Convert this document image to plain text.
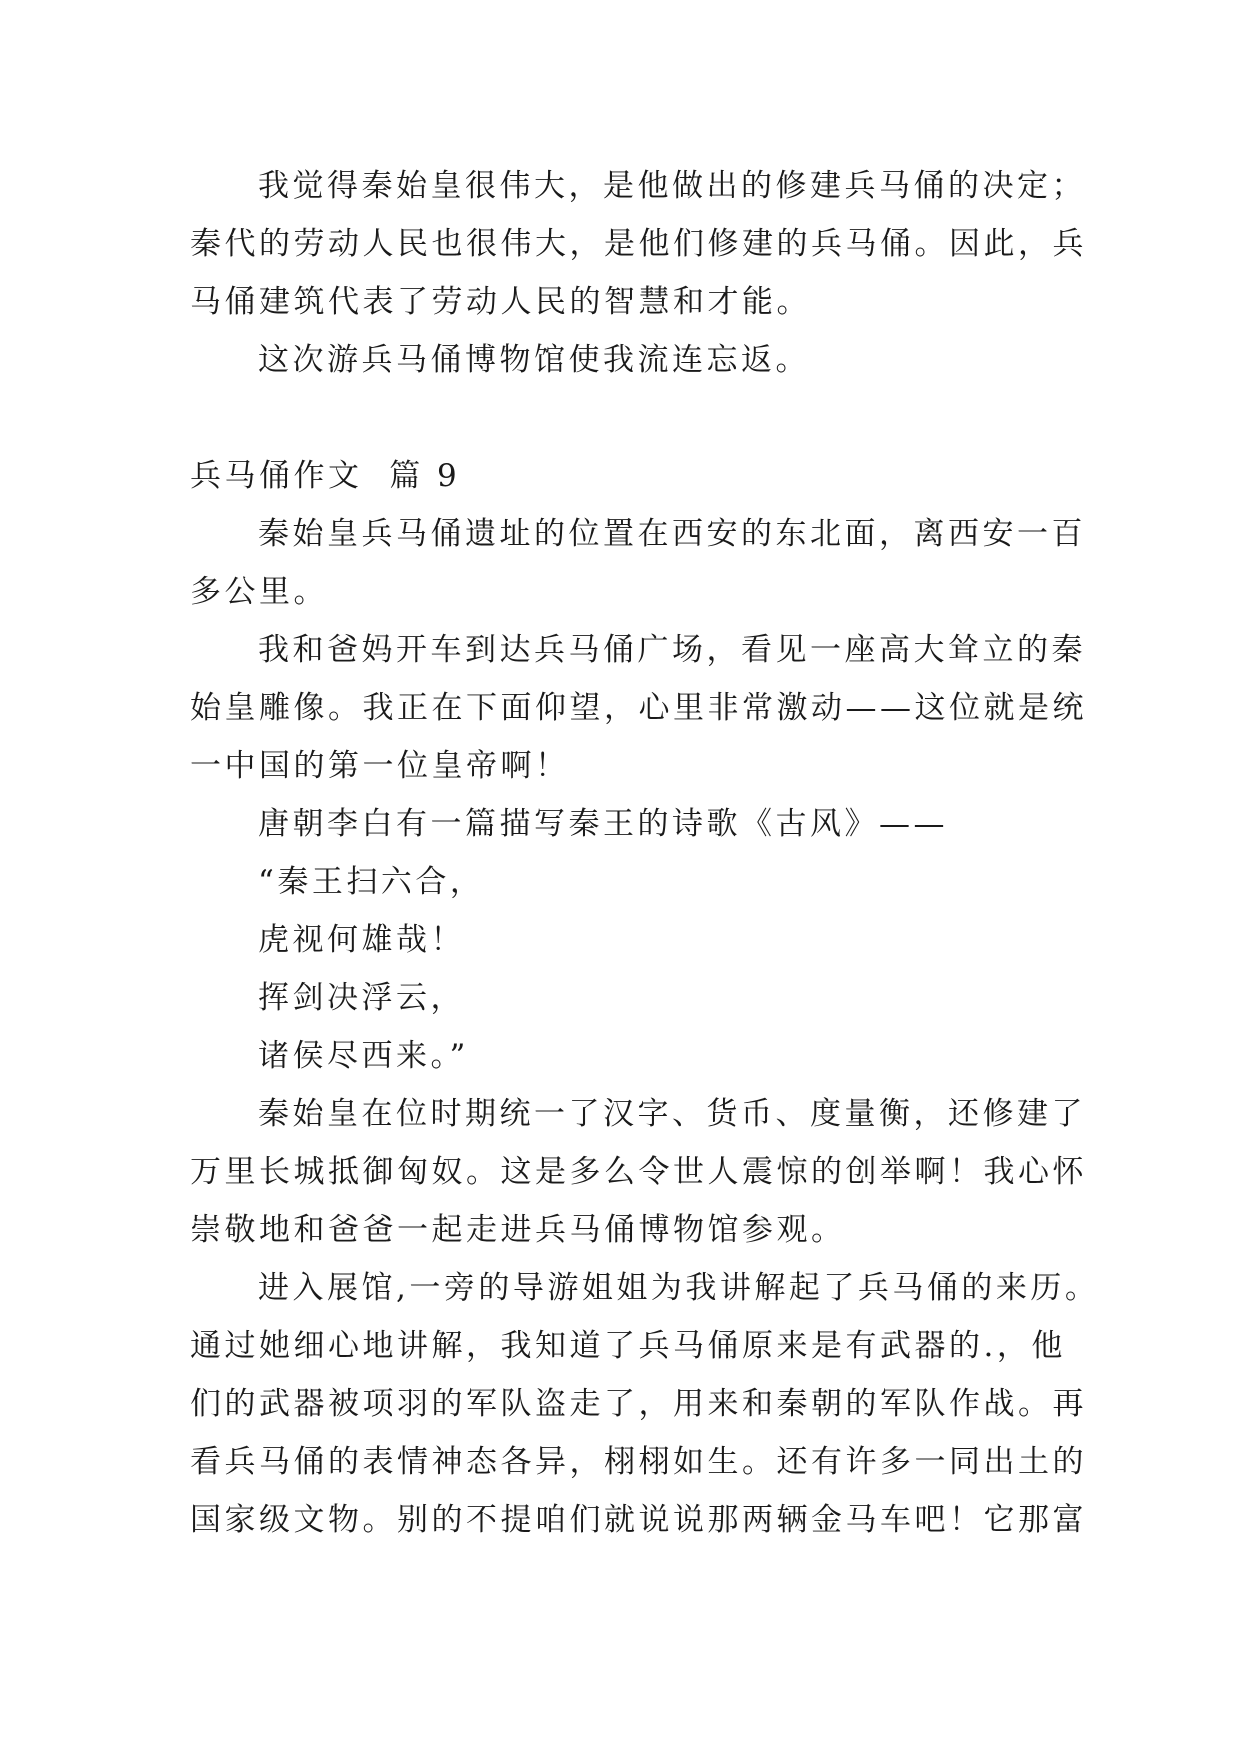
我觉得秦始皇很伟大，是他做出的修建兵马俑的决定；
秦代的劳动人民也很伟大，是他们修建的兵马俑。因此，兵
马俑建筑代表了劳动人民的智慧和才能。
这次游兵马俑博物馆使我流连忘返。
兵马俑作文  篇 9
秦始皇兵马俑遗址的位置在西安的东北面，离西安一百
多公里。
我和爸妈开车到达兵马俑广场，看见一座高大耸立的秦
始皇雕像。我正在下面仰望，心里非常激动——这位就是统
一中国的第一位皇帝啊！
唐朝李白有一篇描写秦王的诗歌《古风》——
“秦王扫六合，
虎视何雄哉！
挥剑决浮云，
诸侯尽西来。”
秦始皇在位时期统一了汉字、货币、度量衡，还修建了
万里长城抵御匈奴。这是多么令世人震惊的创举啊！我心怀
崇敬地和爸爸一起走进兵马俑博物馆参观。
进入展馆,一旁的导游姐姐为我讲解起了兵马俑的来历。
通过她细心地讲解，我知道了兵马俑原来是有武器的.，他
们的武器被项羽的军队盗走了，用来和秦朝的军队作战。再
看兵马俑的表情神态各异，栩栩如生。还有许多一同出土的
国家级文物。别的不提咱们就说说那两辆金马车吧！它那富
